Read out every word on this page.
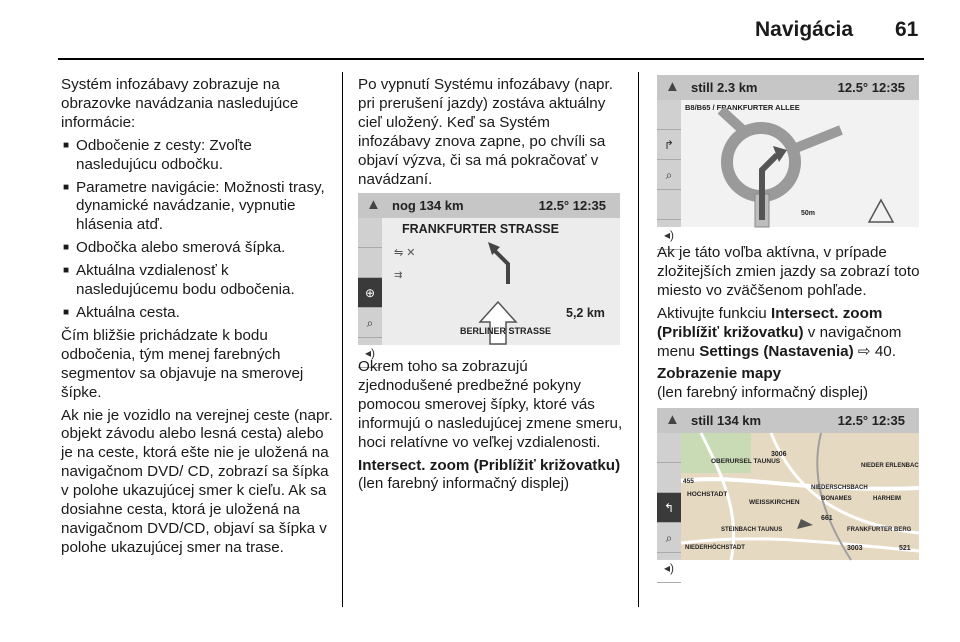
Navigácia 61

Systém infozábavy zobrazuje na obrazovke navádzania nasledujúce informácie:

■ Odbočenie z cesty: Zvoľte nasledujúcu odbočku.
■ Parametre navigácie: Možnosti trasy, dynamické navádzanie, vypnutie hlásenia atď.
■ Odbočka alebo smerová šípka.
■ Aktuálna vzdialenosť k nasledujúcemu bodu odbočenia.
■ Aktuálna cesta.

Čím bližšie prichádzate k bodu odbočenia, tým menej farebných segmentov sa objavuje na smerovej šípke.

Ak nie je vozidlo na verejnej ceste (napr. objekt závodu alebo lesná cesta) alebo je na ceste, ktorá ešte nie je uložená na navigačnom DVD/ CD, zobrazí sa šípka v polohe ukazujúcej smer k cieľu. Ak sa dosiahne cesta, ktorá je uložená na navigačnom DVD/CD, objaví sa šípka v polohe ukazujúcej smer na trase.

Po vypnutí Systému infozábavy (napr. pri prerušení jazdy) zostáva aktuálny cieľ uložený. Keď sa Systém infozábavy znova zapne, po chvíli sa objaví výzva, či sa má pokračovať v navádzaní.

▲ nog 134 km	12.5° 12:35
⊕
⌕
◂)
FRANKFURTER STRASSE
⇋ ✕
⇉
5,2 km
BERLINER STRASSE

Okrem toho sa zobrazujú zjednodušené predbežné pokyny pomocou smerovej šípky, ktoré vás informujú o nasledujúcej zmene smeru, hoci relatívne vo veľkej vzdialenosti.

Intersect. zoom (Priblížiť križovatku)
(len farebný informačný displej)
▲ still 2.3 km	12.5° 12:35
↱
⌕
◂)
B8/B65 / FRANKFURTER ALLEE
50m

Ak je táto voľba aktívna, v prípade zložitejších zmien jazdy sa zobrazí toto miesto vo zväčšenom pohľade.

Aktivujte funkciu Intersect. zoom (Priblížiť križovatku) v navigačnom menu Settings (Nastavenia) ⇨ 40.

Zobrazenie mapy
(len farebný informačný displej)
▲ still 134 km	12.5° 12:35
↰
⌕
◂)
3006
OBERURSEL TAUNUS
NIEDER ERLENBAC
HOCHSTADT
WEISSKIRCHEN
NIEDERSCHSBACH
BONAMES	HARHEIM
661
STEINBACH TAUNUS	FRANKFURTER BERG
NIEDERHÖCHSTADT	3003	521
455
